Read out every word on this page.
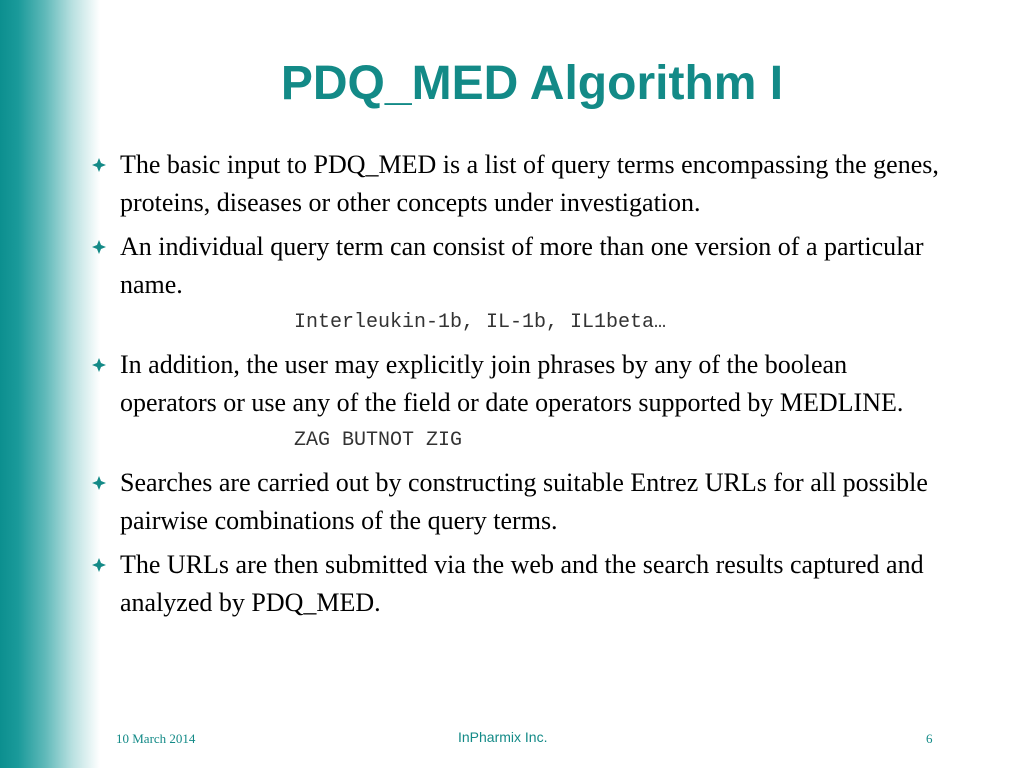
PDQ_MED Algorithm I
The basic input to PDQ_MED is a list of query terms encompassing the genes, proteins, diseases or other concepts under investigation.
An individual query term can consist of more than one version of a particular name.
Interleukin-1b, IL-1b, IL1beta…
In addition, the user may explicitly join phrases by any of the boolean operators or use any of the field or date operators supported by MEDLINE.
ZAG BUTNOT ZIG
Searches are carried out by constructing suitable Entrez URLs for all possible pairwise combinations of the query terms.
The URLs are then submitted via the web and the search results captured and analyzed by PDQ_MED.
10 March 2014	InPharmix Inc.	6
